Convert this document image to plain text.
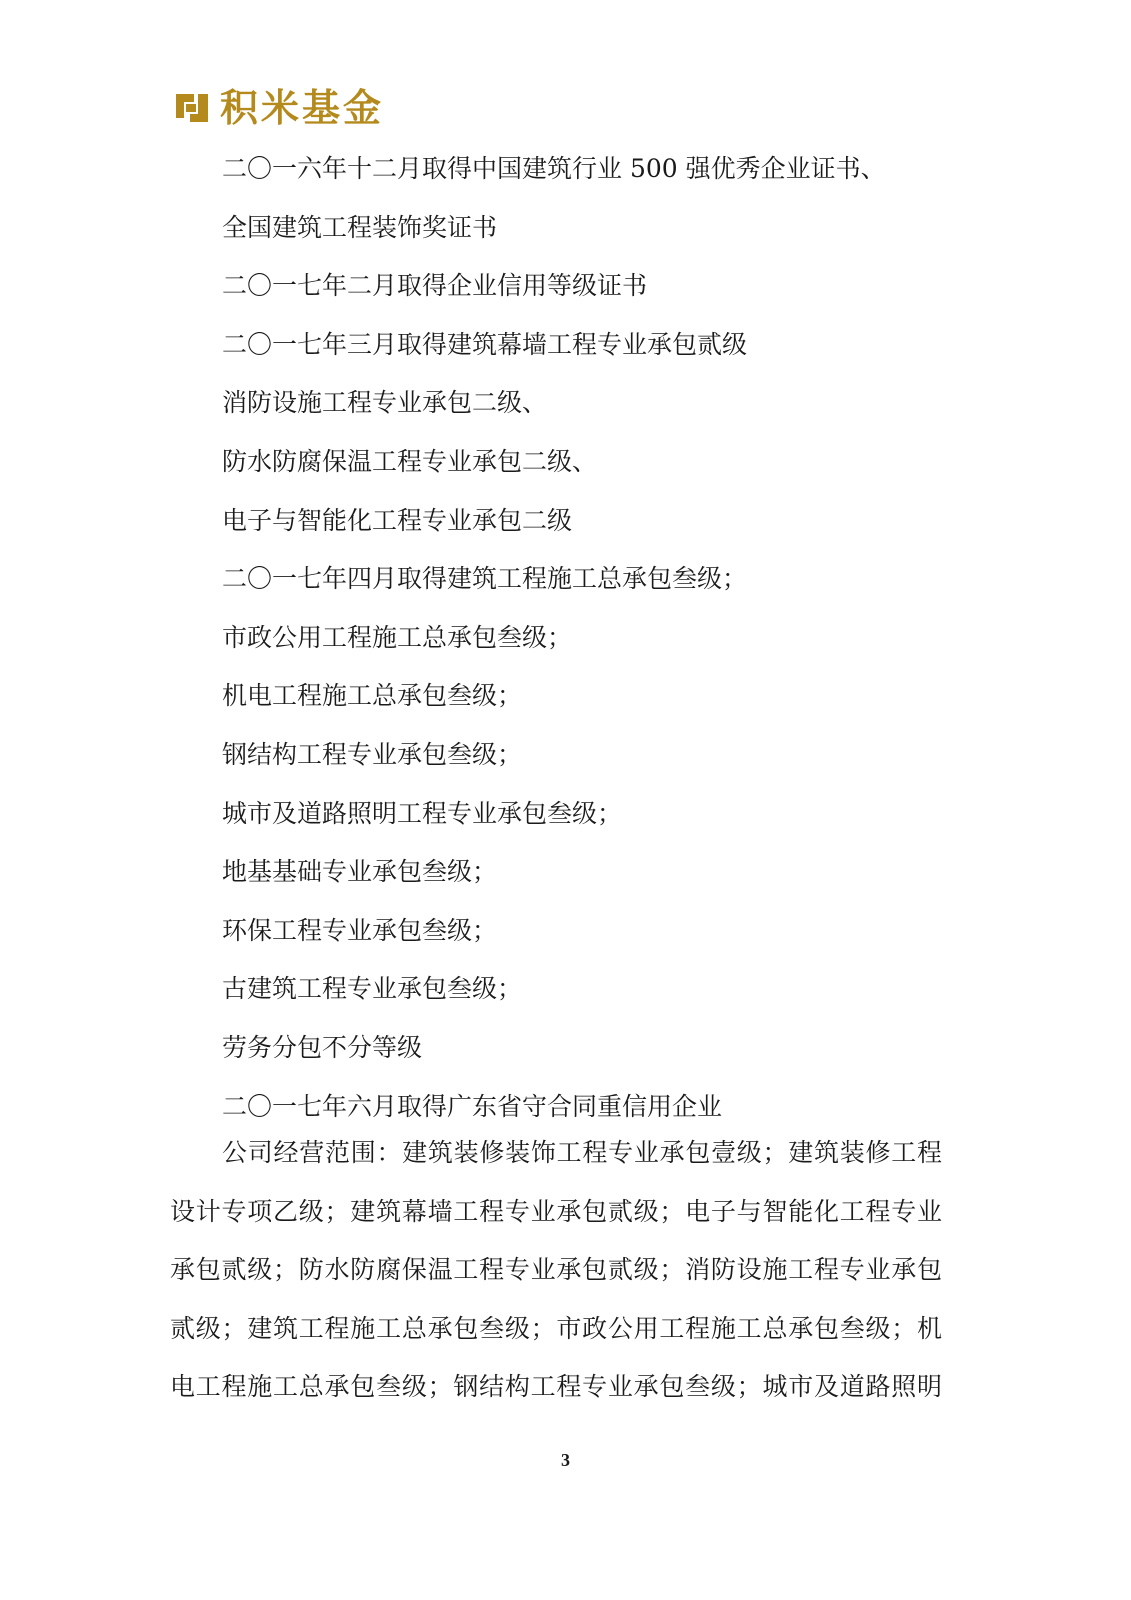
积米基金
二〇一六年十二月取得中国建筑行业 500 强优秀企业证书、
全国建筑工程装饰奖证书
二〇一七年二月取得企业信用等级证书
二〇一七年三月取得建筑幕墙工程专业承包贰级
消防设施工程专业承包二级、
防水防腐保温工程专业承包二级、
电子与智能化工程专业承包二级
二〇一七年四月取得建筑工程施工总承包叁级；
市政公用工程施工总承包叁级；
机电工程施工总承包叁级；
钢结构工程专业承包叁级；
城市及道路照明工程专业承包叁级；
地基基础专业承包叁级；
环保工程专业承包叁级；
古建筑工程专业承包叁级；
劳务分包不分等级
二〇一七年六月取得广东省守合同重信用企业
公司经营范围：建筑装修装饰工程专业承包壹级；建筑装修工程
设计专项乙级；建筑幕墙工程专业承包贰级；电子与智能化工程专业
承包贰级；防水防腐保温工程专业承包贰级；消防设施工程专业承包
贰级；建筑工程施工总承包叁级；市政公用工程施工总承包叁级；机
电工程施工总承包叁级；钢结构工程专业承包叁级；城市及道路照明
3
